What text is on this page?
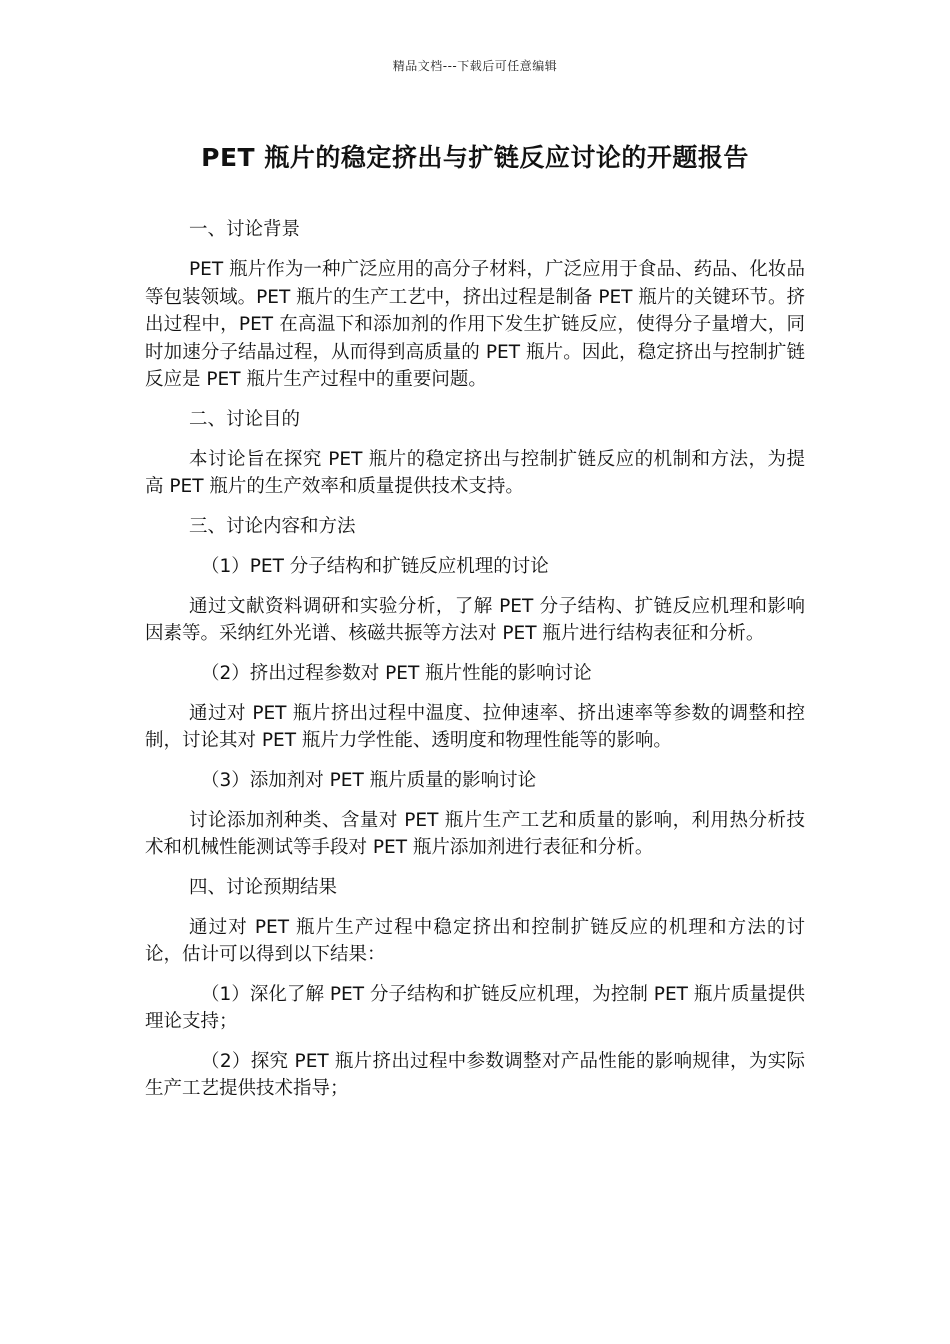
精品文档---下载后可任意编辑
PET 瓶片的稳定挤出与扩链反应讨论的开题报告
一、讨论背景
PET 瓶片作为一种广泛应用的高分子材料，广泛应用于食品、药品、化妆品等包装领域。PET 瓶片的生产工艺中，挤出过程是制备 PET 瓶片的关键环节。挤出过程中，PET 在高温下和添加剂的作用下发生扩链反应，使得分子量增大，同时加速分子结晶过程，从而得到高质量的 PET 瓶片。因此，稳定挤出与控制扩链反应是 PET 瓶片生产过程中的重要问题。
二、讨论目的
本讨论旨在探究 PET 瓶片的稳定挤出与控制扩链反应的机制和方法，为提高 PET 瓶片的生产效率和质量提供技术支持。
三、讨论内容和方法
（1）PET 分子结构和扩链反应机理的讨论
通过文献资料调研和实验分析，了解 PET 分子结构、扩链反应机理和影响因素等。采纳红外光谱、核磁共振等方法对 PET 瓶片进行结构表征和分析。
（2）挤出过程参数对 PET 瓶片性能的影响讨论
通过对 PET 瓶片挤出过程中温度、拉伸速率、挤出速率等参数的调整和控制，讨论其对 PET 瓶片力学性能、透明度和物理性能等的影响。
（3）添加剂对 PET 瓶片质量的影响讨论
讨论添加剂种类、含量对 PET 瓶片生产工艺和质量的影响，利用热分析技术和机械性能测试等手段对 PET 瓶片添加剂进行表征和分析。
四、讨论预期结果
通过对 PET 瓶片生产过程中稳定挤出和控制扩链反应的机理和方法的讨论，估计可以得到以下结果：
（1）深化了解 PET 分子结构和扩链反应机理，为控制 PET 瓶片质量提供理论支持；
（2）探究 PET 瓶片挤出过程中参数调整对产品性能的影响规律，为实际生产工艺提供技术指导；
